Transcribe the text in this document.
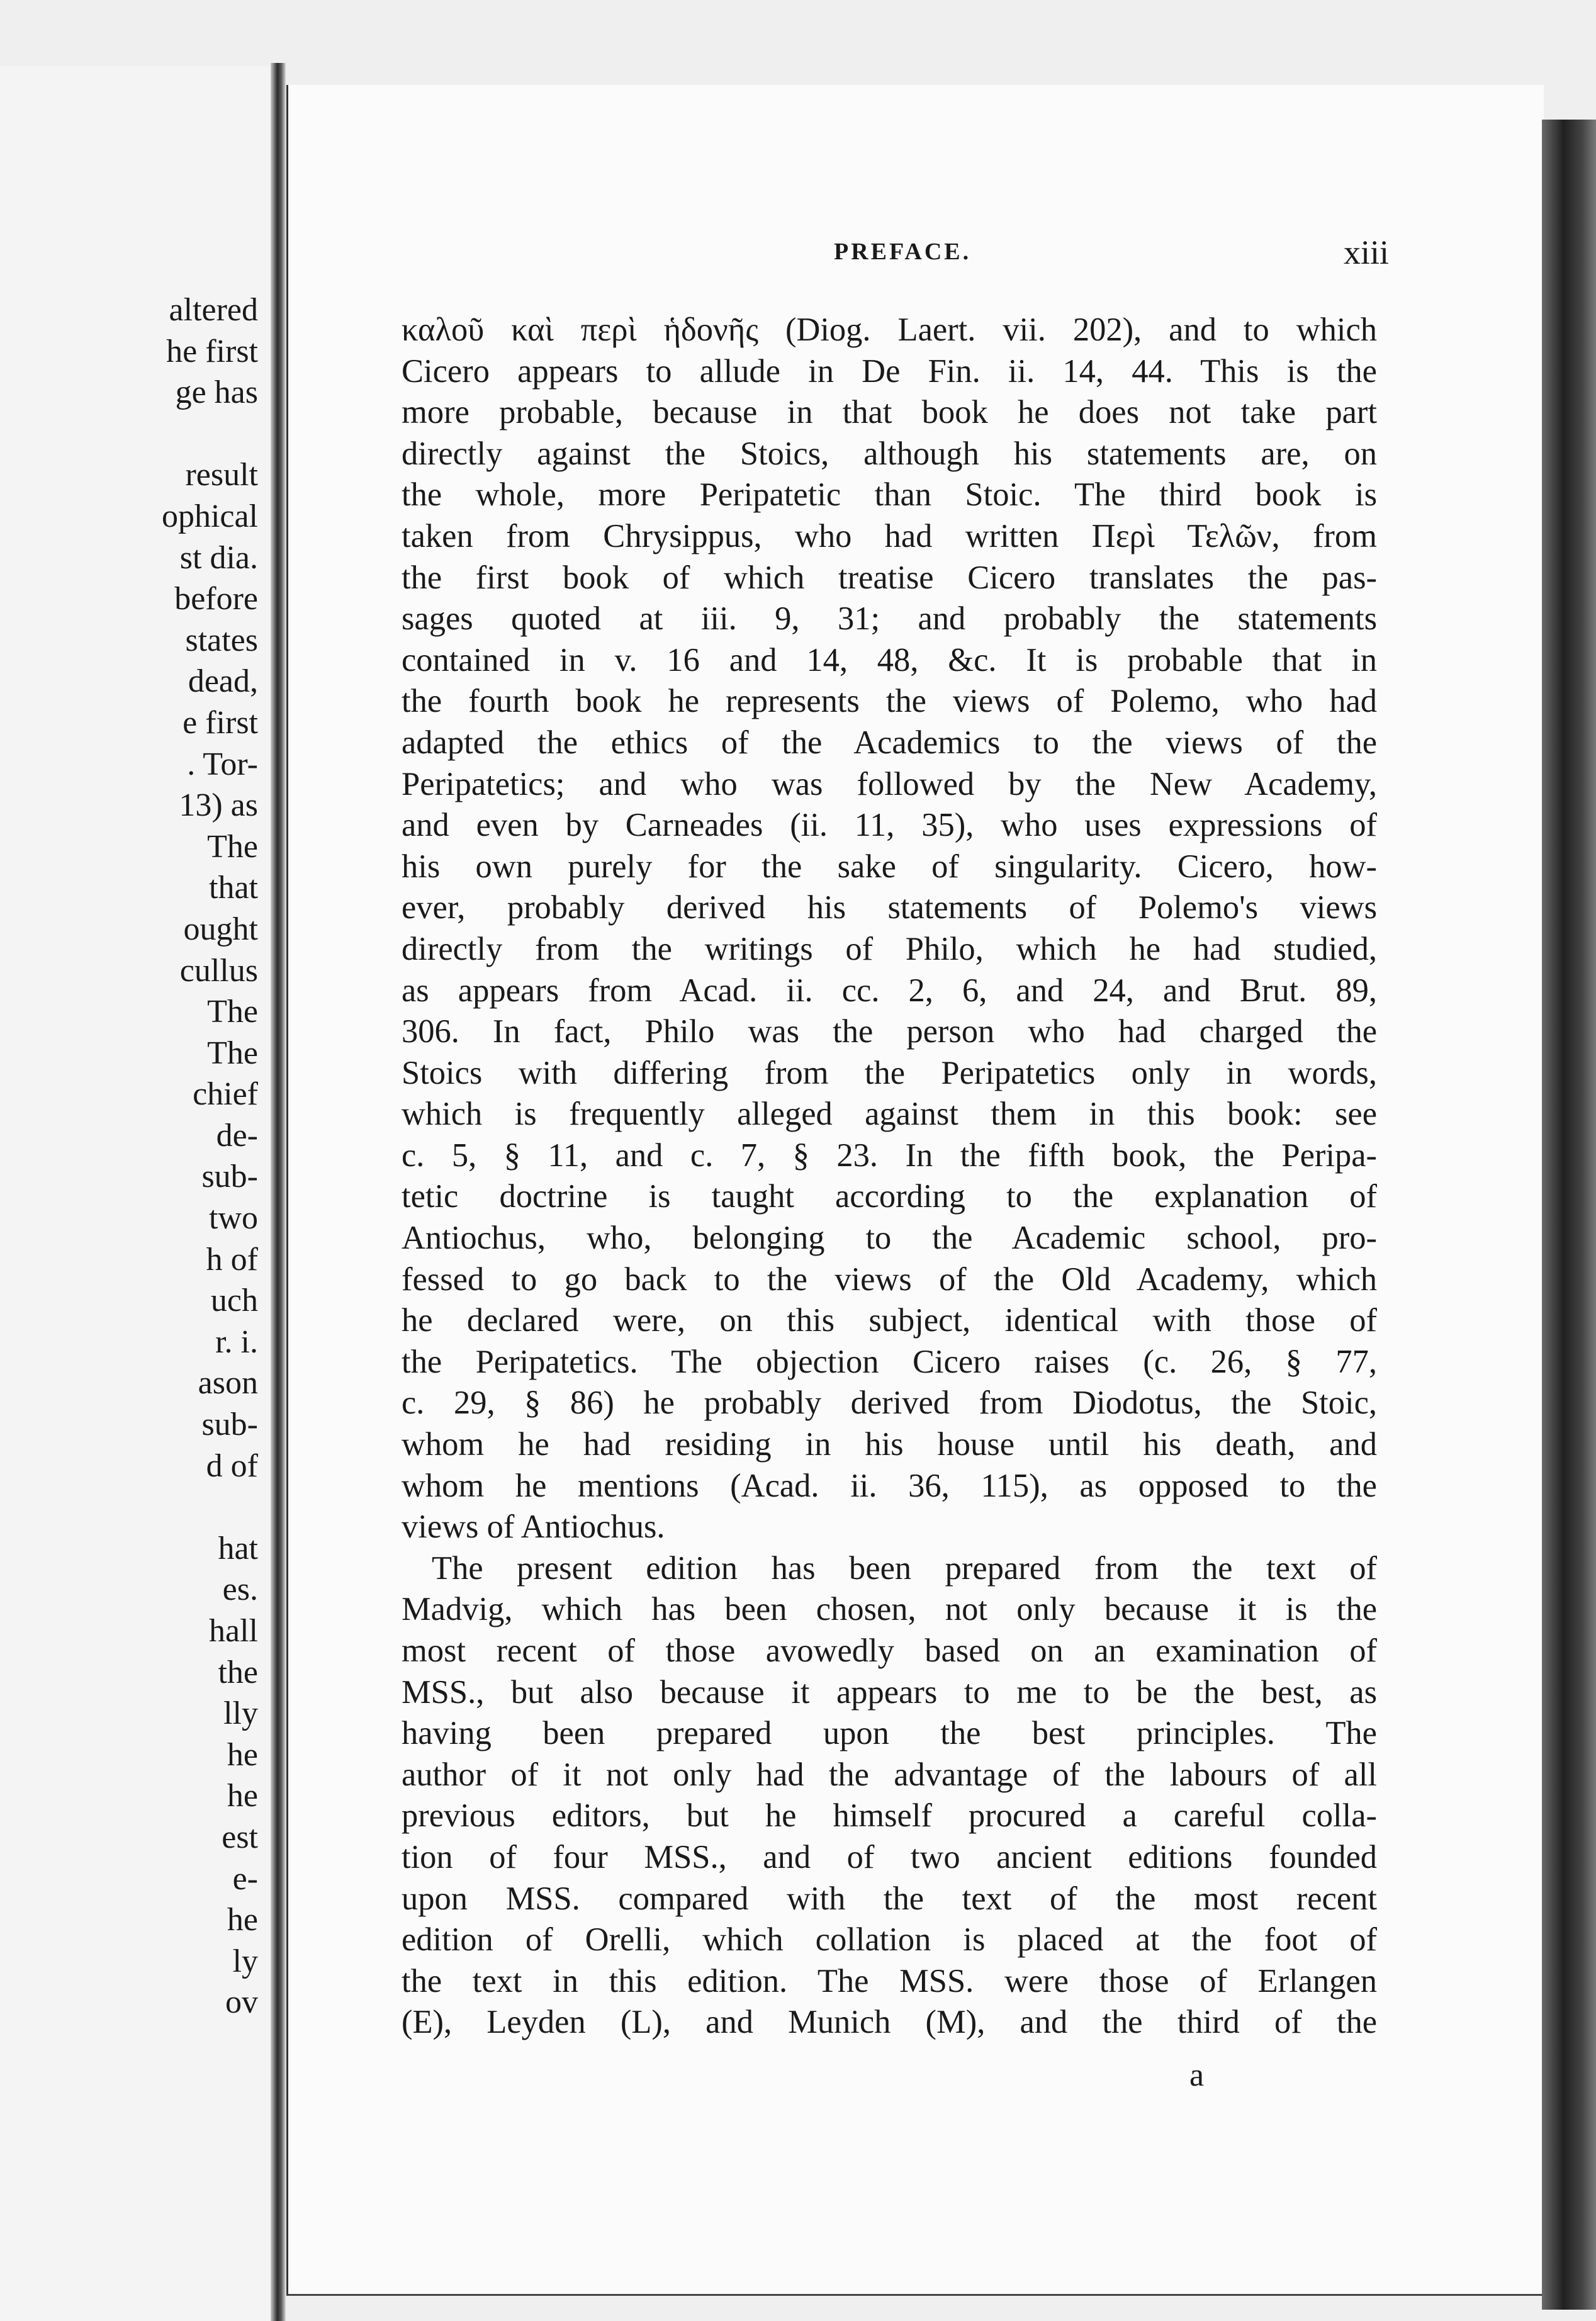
altered
he first
ge has

result
ophical
st dia.
before
states
dead,
e first
. Tor-
13) as
The
that
ought
cullus
The
The
chief
de-
sub-
two
h of
uch
r. i.
ason
sub-
d of

hat
es.
hall
the
lly
he
he
est
e-
he
ly
ov
PREFACE.	xiii
καλοῦ καὶ περὶ ἡδονῆς (Diog. Laert. vii. 202), and to which
Cicero appears to allude in De Fin. ii. 14, 44. This is the
more probable, because in that book he does not take part
directly against the Stoics, although his statements are, on
the whole, more Peripatetic than Stoic. The third book is
taken from Chrysippus, who had written Περὶ Τελῶν, from
the first book of which treatise Cicero translates the pas-
sages quoted at iii. 9, 31; and probably the statements
contained in v. 16 and 14, 48, &c. It is probable that in
the fourth book he represents the views of Polemo, who had
adapted the ethics of the Academics to the views of the
Peripatetics; and who was followed by the New Academy,
and even by Carneades (ii. 11, 35), who uses expressions of
his own purely for the sake of singularity. Cicero, how-
ever, probably derived his statements of Polemo's views
directly from the writings of Philo, which he had studied,
as appears from Acad. ii. cc. 2, 6, and 24, and Brut. 89,
306. In fact, Philo was the person who had charged the
Stoics with differing from the Peripatetics only in words,
which is frequently alleged against them in this book: see
c. 5, § 11, and c. 7, § 23. In the fifth book, the Peripa-
tetic doctrine is taught according to the explanation of
Antiochus, who, belonging to the Academic school, pro-
fessed to go back to the views of the Old Academy, which
he declared were, on this subject, identical with those of
the Peripatetics. The objection Cicero raises (c. 26, § 77,
c. 29, § 86) he probably derived from Diodotus, the Stoic,
whom he had residing in his house until his death, and
whom he mentions (Acad. ii. 36, 115), as opposed to the
views of Antiochus.
The present edition has been prepared from the text of
Madvig, which has been chosen, not only because it is the
most recent of those avowedly based on an examination of
MSS., but also because it appears to me to be the best, as
having been prepared upon the best principles. The
author of it not only had the advantage of the labours of all
previous editors, but he himself procured a careful colla-
tion of four MSS., and of two ancient editions founded
upon MSS. compared with the text of the most recent
edition of Orelli, which collation is placed at the foot of
the text in this edition. The MSS. were those of Erlangen
(E), Leyden (L), and Munich (M), and the third of the
a
